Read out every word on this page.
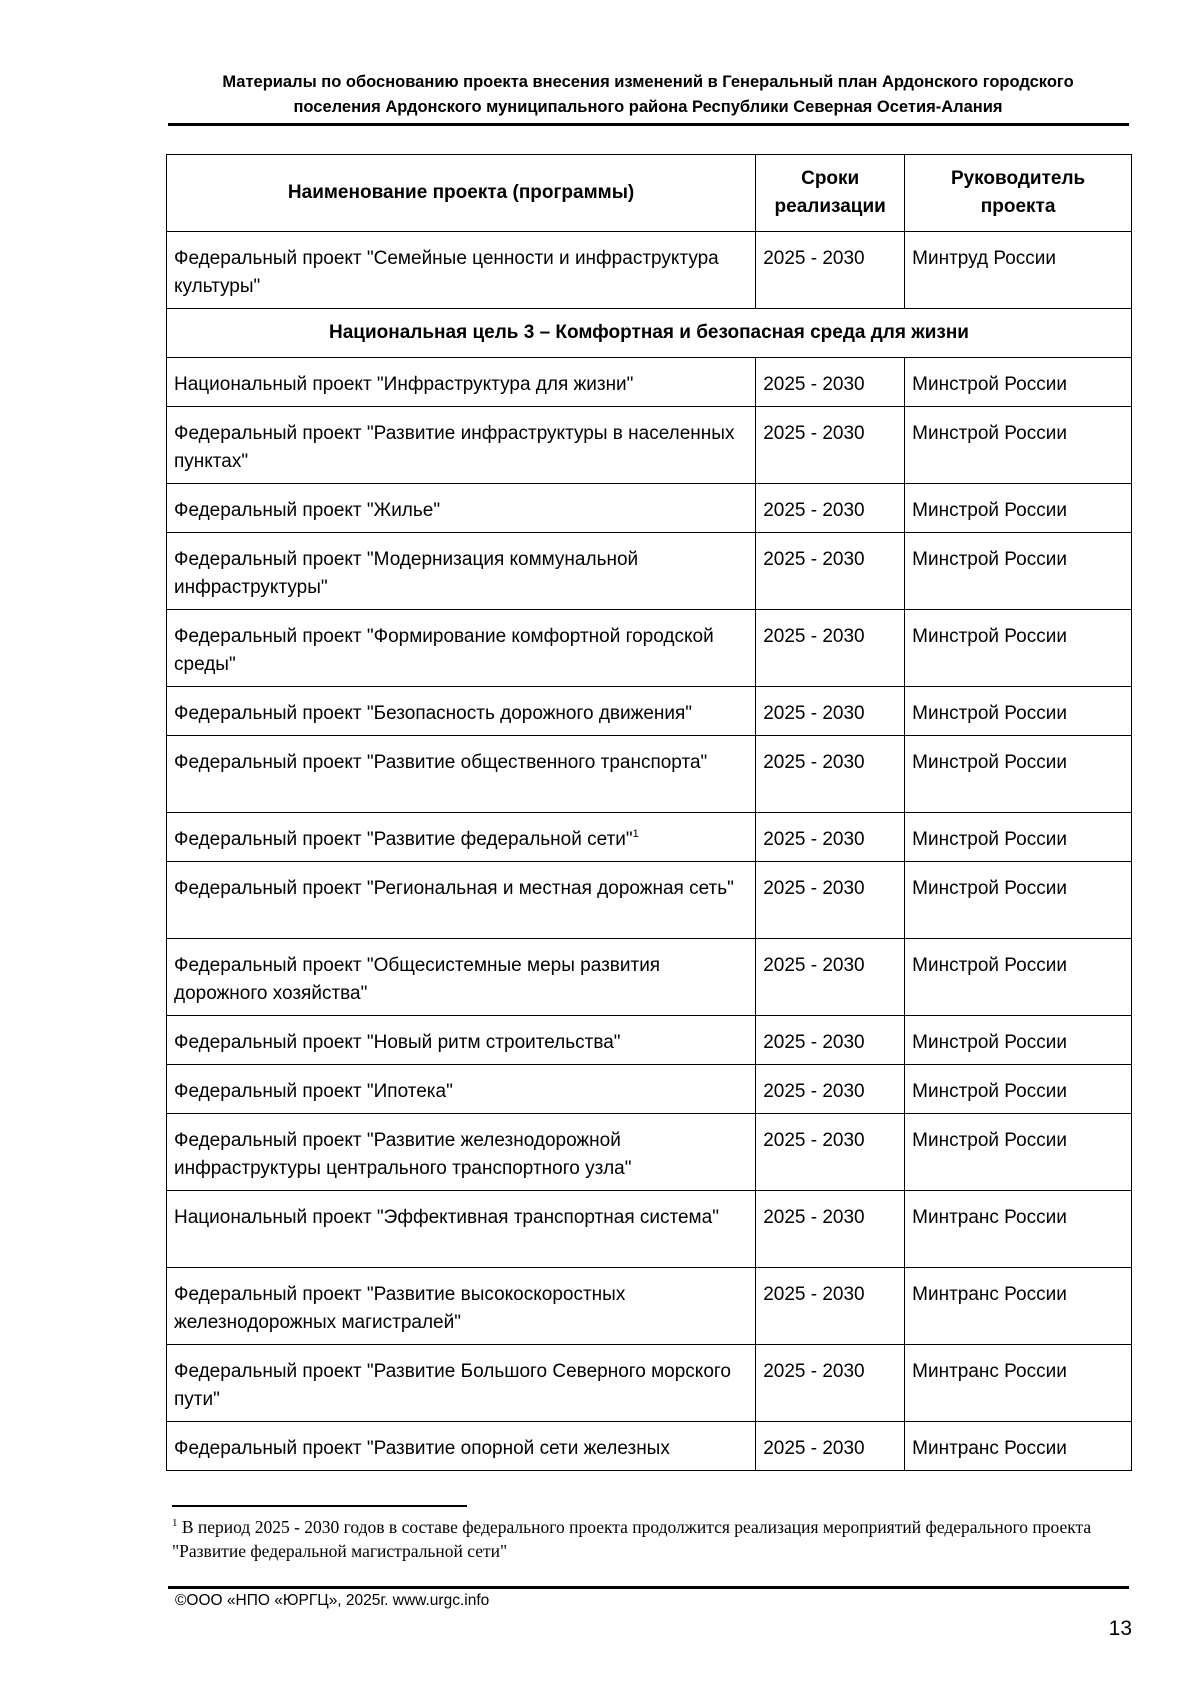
Материалы по обоснованию проекта внесения изменений в Генеральный план Ардонского городского
поселения Ардонского муниципального района Республики Северная Осетия-Алания
Наименование проекта (программы)	Сроки реализации	Руководитель проекта
Федеральный проект "Семейные ценности и инфраструктура культуры"	2025 - 2030	Минтруд России
Национальная цель 3 – Комфортная и безопасная среда для жизни		
Национальный проект "Инфраструктура для жизни"	2025 - 2030	Минстрой России
Федеральный проект "Развитие инфраструктуры в населенных пунктах"	2025 - 2030	Минстрой России
Федеральный проект "Жилье"	2025 - 2030	Минстрой России
Федеральный проект "Модернизация коммунальной инфраструктуры"	2025 - 2030	Минстрой России
Федеральный проект "Формирование комфортной городской среды"	2025 - 2030	Минстрой России
Федеральный проект "Безопасность дорожного движения"	2025 - 2030	Минстрой России
Федеральный проект "Развитие общественного транспорта"	2025 - 2030	Минстрой России
Федеральный проект "Развитие федеральной сети"$^1$	2025 - 2030	Минстрой России
Федеральный проект "Региональная и местная дорожная сеть"	2025 - 2030	Минстрой России
Федеральный проект "Общесистемные меры развития дорожного хозяйства"	2025 - 2030	Минстрой России
Федеральный проект "Новый ритм строительства"	2025 - 2030	Минстрой России
Федеральный проект "Ипотека"	2025 - 2030	Минстрой России
Федеральный проект "Развитие железнодорожной инфраструктуры центрального транспортного узла"	2025 - 2030	Минстрой России
Национальный проект "Эффективная транспортная система"	2025 - 2030	Минтранс России
Федеральный проект "Развитие высокоскоростных железнодорожных магистралей"	2025 - 2030	Минтранс России
Федеральный проект "Развитие Большого Северного морского пути"	2025 - 2030	Минтранс России
Федеральный проект "Развитие опорной сети железных	2025 - 2030	Минтранс России
$^1$ В период 2025 - 2030 годов в составе федерального проекта продолжится реализация мероприятий федерального проекта "Развитие федеральной магистральной сети"
©ООО «НПО «ЮРГЦ», 2025г. www.urgc.info
13
